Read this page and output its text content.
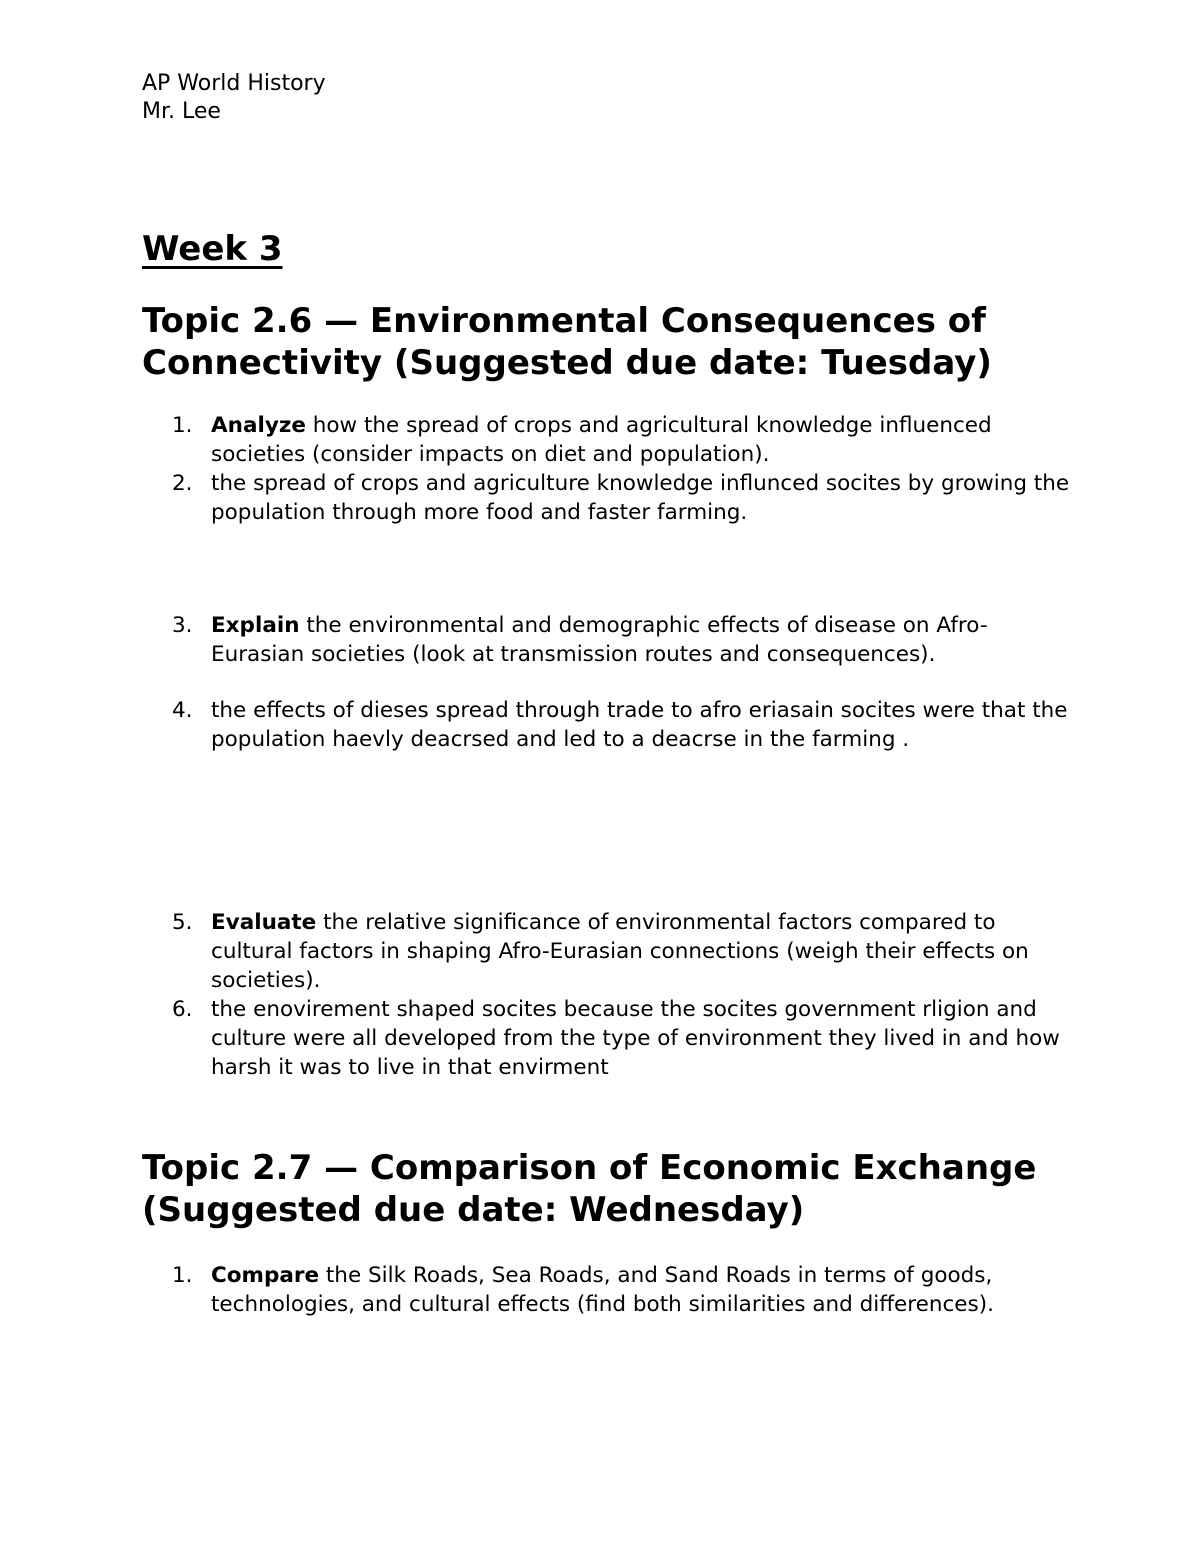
AP World History

Mr. Lee

Week 3
Topic 2.6 — Environmental Consequences of Connectivity (Suggested due date: Tuesday)
1. Analyze how the spread of crops and agricultural knowledge influenced societies (consider impacts on diet and population).
2. the spread of crops and agriculture knowledge influnced socites by growing the population through more food and faster farming.
3. Explain the environmental and demographic effects of disease on Afro-Eurasian societies (look at transmission routes and consequences).
4. the effects of dieses spread through trade to afro eriasain socites were that the population haevly deacrsed and led to a deacrse in the farming .
5. Evaluate the relative significance of environmental factors compared to cultural factors in shaping Afro-Eurasian connections (weigh their effects on societies).
6. the enovirement shaped socites because the socites government rligion and culture were all developed from the type of environment they lived in and how harsh it was to live in that envirment
Topic 2.7 — Comparison of Economic Exchange (Suggested due date: Wednesday)
1. Compare the Silk Roads, Sea Roads, and Sand Roads in terms of goods, technologies, and cultural effects (find both similarities and differences).
